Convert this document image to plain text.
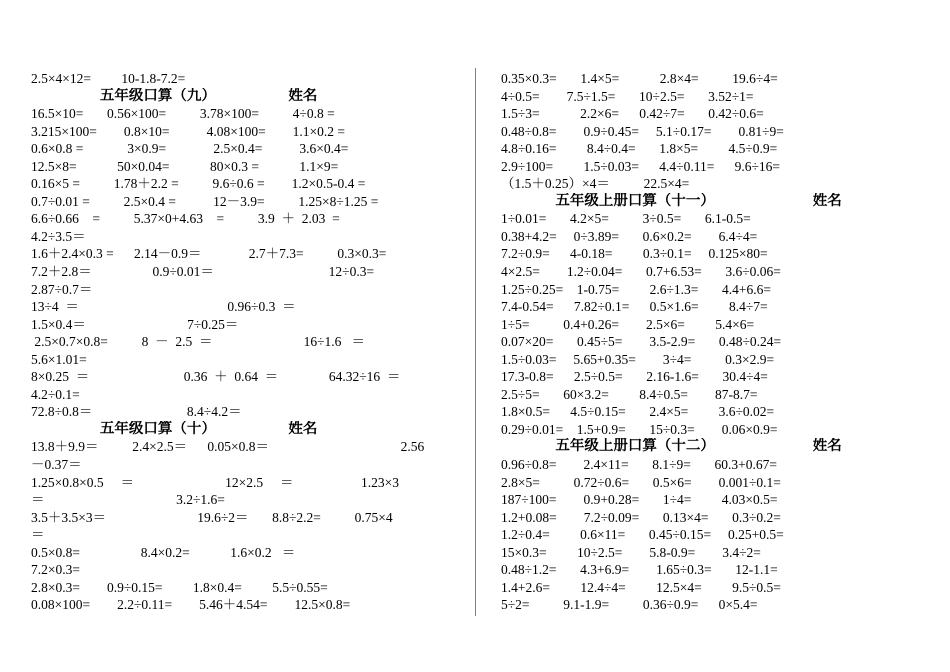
2.5×4×12=         10-1.8-7.2=
五年级口算（九）                    姓名
16.5×10=       0.56×100=          3.78×100=          4÷0.8 =
3.215×100=        0.8×10=           4.08×100=        1.1×0.2 =
0.6×0.8 =             3×0.9=              2.5×0.4=           3.6×0.4=
12.5×8=            50×0.04=            80×0.3 =            1.1×9=
0.16×5 =          1.78＋2.2 =          9.6÷0.6 =        1.2×0.5-0.4 =
0.7÷0.01 =          2.5×0.4 =           12－3.9=          1.25×8÷1.25 =
6.6÷0.66    =          5.37×0+4.63    =          3.9  ＋  2.03  =
4.2÷3.5＝
1.6＋2.4×0.3 =      2.14－0.9＝              2.7＋7.3=          0.3×0.3=
7.2＋2.8＝                  0.9÷0.01＝                                  12÷0.3=
2.87÷0.7＝
13÷4  ＝                                            0.96÷0.3  ＝
1.5×0.4＝                              7÷0.25＝
2.5×0.7×0.8=          8  －  2.5  ＝                           16÷1.6   ＝
5.6×1.01=
8×0.25  ＝                            0.36  ＋  0.64  ＝               64.32÷16  ＝
4.2÷0.1=
72.8÷0.8＝                            8.4÷4.2＝
五年级口算（十）                    姓名
13.8＋9.9＝          2.4×2.5＝      0.05×0.8＝                                       2.56
－0.37＝
1.25×0.8×0.5     ＝                           12×2.5     ＝                    1.23×3
＝                                       3.2÷1.6=
3.5＋3.5×3＝                           19.6÷2＝       8.8÷2.2=          0.75×4
＝
0.5×0.8=                  8.4×0.2=            1.6×0.2   ＝
7.2×0.3=
2.8×0.3=        0.9÷0.15=         1.8×0.4=         5.5÷0.55=
0.08×100=        2.2÷0.11=        5.46＋4.54=        12.5×0.8=
0.35×0.3=       1.4×5=            2.8×4=          19.6÷4=
4÷0.5=        7.5÷1.5=       10÷2.5=       3.52÷1=
1.5÷3=            2.2×6=      0.42÷7=       0.42÷0.6=
0.48÷0.8=        0.9÷0.45=     5.1÷0.17=        0.81÷9=
4.8÷0.16=         8.4÷0.4=       1.8×5=         4.5÷0.9=
2.9÷100=         1.5÷0.03=      4.4÷0.11=      9.6÷16=
（1.5＋0.25）×4＝          22.5×4=
五年级上册口算（十一）                           姓名
1÷0.01=       4.2×5=          3÷0.5=       6.1-0.5=
0.38+4.2=     0÷3.89=       0.6×0.2=        6.4÷4=
7.2÷0.9=      4-0.18=         0.3÷0.1=     0.125×80=
4×2.5=        1.2÷0.04=       0.7+6.53=       3.6÷0.06=
1.25÷0.25=    1-0.75=         2.6÷1.3=       4.4+6.6=
7.4-0.54=      7.82÷0.1=      0.5×1.6=         8.4÷7=
1÷5=          0.4+0.26=        2.5×6=         5.4×6=
0.07×20=       0.45÷5=        3.5-2.9=       0.48÷0.24=
1.5÷0.03=     5.65+0.35=        3÷4=          0.3×2.9=
17.3-0.8=      2.5÷0.5=       2.16-1.6=       30.4÷4=
2.5÷5=       60×3.2=         8.4÷0.5=        87-8.7=
1.8×0.5=      4.5÷0.15=       2.4×5=         3.6÷0.02=
0.29÷0.01=    1.5+0.9=       15÷0.3=        0.06×0.9=
五年级上册口算（十二）                           姓名
0.96÷0.8=        2.4×11=       8.1÷9=       60.3+0.67=
2.8×5=          0.72÷0.6=       0.5×6=        0.001÷0.1=
187÷100=        0.9+0.28=       1÷4=         4.03×0.5=
1.2+0.08=        7.2÷0.09=       0.13×4=       0.3÷0.2=
1.2÷0.4=         0.6×11=       0.45÷0.15=     0.25+0.5=
15×0.3=         10÷2.5=        5.8-0.9=        3.4÷2=
0.48÷1.2=       4.3+6.9=        1.65÷0.3=       12-1.1=
1.4+2.6=         12.4÷4=         12.5×4=         9.5÷0.5=
5÷2=          9.1-1.9=          0.36÷0.9=      0×5.4=
